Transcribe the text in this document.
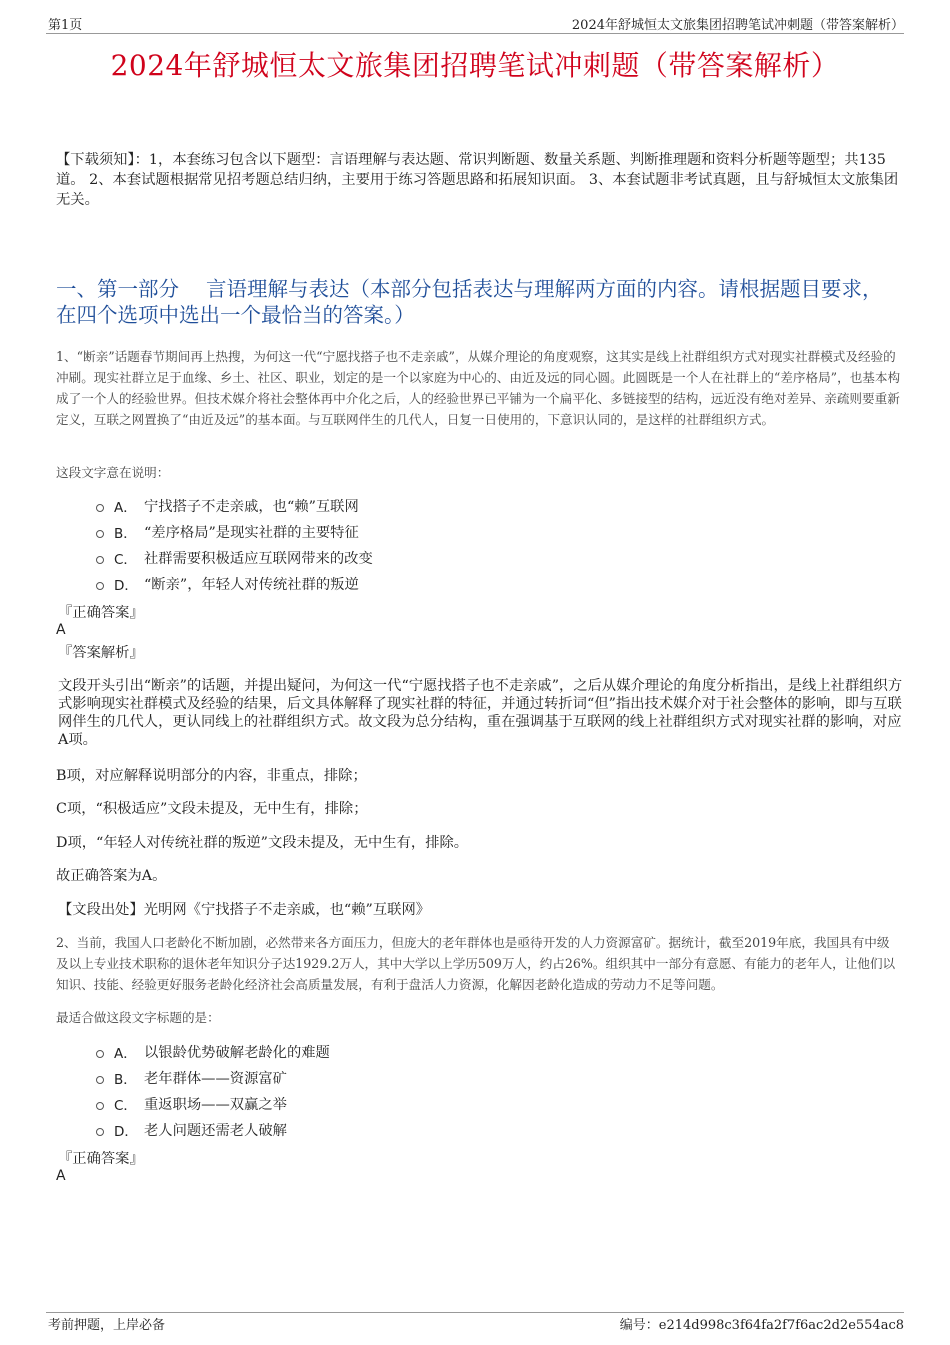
第1页	2024年舒城恒太文旅集团招聘笔试冲刺题（带答案解析）
2024年舒城恒太文旅集团招聘笔试冲刺题（带答案解析）
【下载须知】：1，本套练习包含以下题型：言语理解与表达题、常识判断题、数量关系题、判断推理题和资料分析题等题型；共135道。 2、本套试题根据常见招考题总结归纳，主要用于练习答题思路和拓展知识面。 3、本套试题非考试真题，且与舒城恒太文旅集团无关。
一、第一部分　 言语理解与表达（本部分包括表达与理解两方面的内容。请根据题目要求，在四个选项中选出一个最恰当的答案。）
1、“断亲”话题春节期间再上热搜，为何这一代“宁愿找搭子也不走亲戚”，从媒介理论的角度观察，这其实是线上社群组织方式对现实社群模式及经验的冲刷。现实社群立足于血缘、乡土、社区、职业，划定的是一个以家庭为中心的、由近及远的同心圆。此圆既是一个人在社群上的“差序格局”，也基本构成了一个人的经验世界。但技术媒介将社会整体再中介化之后，人的经验世界已平铺为一个扁平化、多链接型的结构，远近没有绝对差异、亲疏则要重新定义，互联之网置换了“由近及远”的基本面。与互联网伴生的几代人，日复一日使用的，下意识认同的，是这样的社群组织方式。
这段文字意在说明：
A． 宁找搭子不走亲戚，也“赖”互联网
B． “差序格局”是现实社群的主要特征
C． 社群需要积极适应互联网带来的改变
D． “断亲”，年轻人对传统社群的叛逆
『正确答案』
A
『答案解析』
文段开头引出“断亲”的话题，并提出疑问，为何这一代“宁愿找搭子也不走亲戚”，之后从媒介理论的角度分析指出，是线上社群组织方式影响现实社群模式及经验的结果，后文具体解释了现实社群的特征，并通过转折词“但”指出技术媒介对于社会整体的影响，即与互联网伴生的几代人，更认同线上的社群组织方式。故文段为总分结构，重在强调基于互联网的线上社群组织方式对现实社群的影响，对应A项。
B项，对应解释说明部分的内容，非重点，排除；
C项，“积极适应”文段未提及，无中生有，排除；
D项，“年轻人对传统社群的叛逆”文段未提及，无中生有，排除。
故正确答案为A。
【文段出处】光明网《宁找搭子不走亲戚，也“赖”互联网》
2、当前，我国人口老龄化不断加剧，必然带来各方面压力，但庞大的老年群体也是亟待开发的人力资源富矿。据统计，截至2019年底，我国具有中级及以上专业技术职称的退休老年知识分子达1929.2万人，其中大学以上学历509万人，约占26%。组织其中一部分有意愿、有能力的老年人，让他们以知识、技能、经验更好服务老龄化经济社会高质量发展，有利于盘活人力资源，化解因老龄化造成的劳动力不足等问题。
最适合做这段文字标题的是：
A． 以银龄优势破解老龄化的难题
B． 老年群体——资源富矿
C． 重返职场——双赢之举
D． 老人问题还需老人破解
『正确答案』
A
考前押题，上岸必备	编号：e214d998c3f64fa2f7f6ac2d2e554ac8
